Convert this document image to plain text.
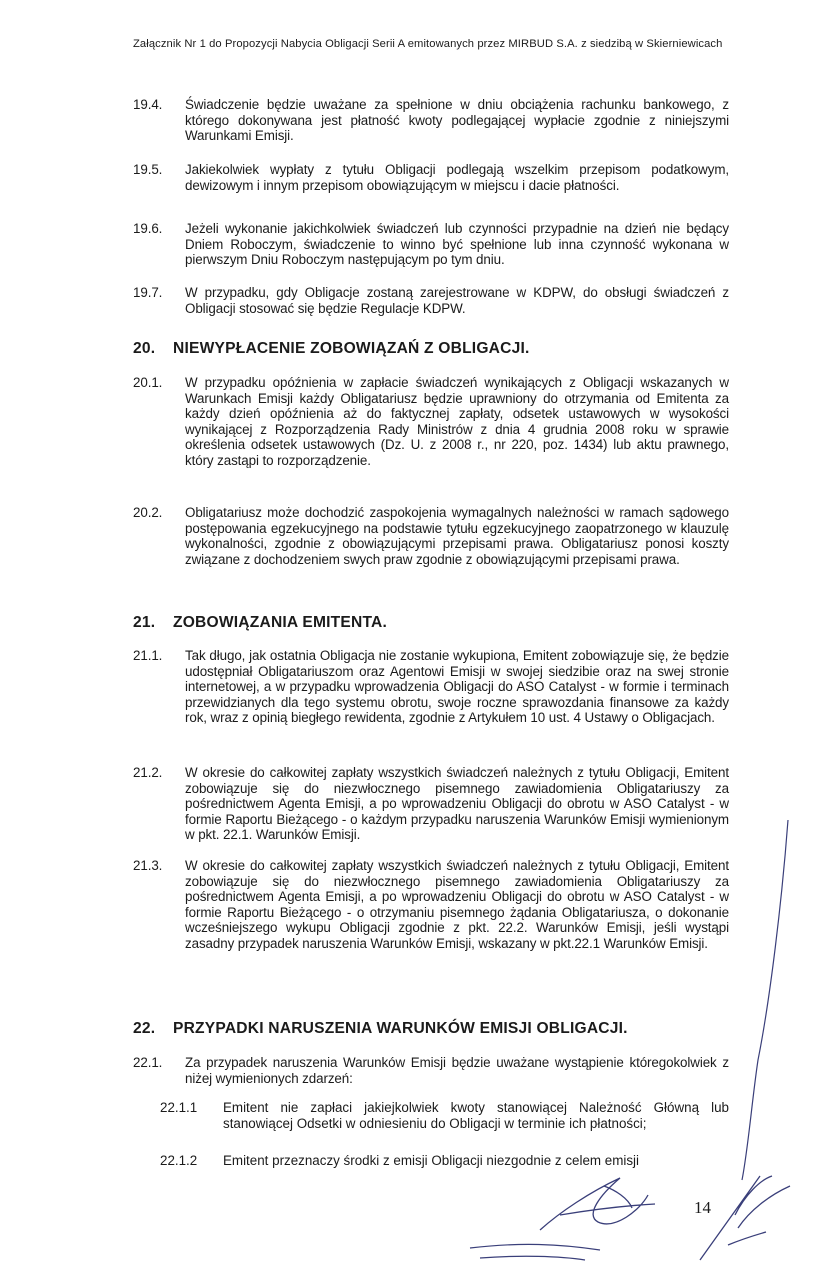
Załącznik Nr 1 do Propozycji Nabycia Obligacji Serii A emitowanych przez MIRBUD S.A. z siedzibą w Skierniewicach
19.4. Świadczenie będzie uważane za spełnione w dniu obciążenia rachunku bankowego, z którego dokonywana jest płatność kwoty podlegającej wypłacie zgodnie z niniejszymi Warunkami Emisji.
19.5. Jakiekolwiek wypłaty z tytułu Obligacji podlegają wszelkim przepisom podatkowym, dewizowym i innym przepisom obowiązującym w miejscu i dacie płatności.
19.6. Jeżeli wykonanie jakichkolwiek świadczeń lub czynności przypadnie na dzień nie będący Dniem Roboczym, świadczenie to winno być spełnione lub inna czynność wykonana w pierwszym Dniu Roboczym następującym po tym dniu.
19.7. W przypadku, gdy Obligacje zostaną zarejestrowane w KDPW, do obsługi świadczeń z Obligacji stosować się będzie Regulacje KDPW.
20. NIEWYPŁACENIE ZOBOWIĄZAŃ Z OBLIGACJI.
20.1. W przypadku opóźnienia w zapłacie świadczeń wynikających z Obligacji wskazanych w Warunkach Emisji każdy Obligatariusz będzie uprawniony do otrzymania od Emitenta za każdy dzień opóźnienia aż do faktycznej zapłaty, odsetek ustawowych w wysokości wynikającej z Rozporządzenia Rady Ministrów z dnia 4 grudnia 2008 roku w sprawie określenia odsetek ustawowych (Dz. U. z 2008 r., nr 220, poz. 1434) lub aktu prawnego, który zastąpi to rozporządzenie.
20.2. Obligatariusz może dochodzić zaspokojenia wymagalnych należności w ramach sądowego postępowania egzekucyjnego na podstawie tytułu egzekucyjnego zaopatrzonego w klauzulę wykonalności, zgodnie z obowiązującymi przepisami prawa. Obligatariusz ponosi koszty związane z dochodzeniem swych praw zgodnie z obowiązującymi przepisami prawa.
21. ZOBOWIĄZANIA EMITENTA.
21.1. Tak długo, jak ostatnia Obligacja nie zostanie wykupiona, Emitent zobowiązuje się, że będzie udostępniał Obligatariuszom oraz Agentowi Emisji w swojej siedzibie oraz na swej stronie internetowej, a w przypadku wprowadzenia Obligacji do ASO Catalyst - w formie i terminach przewidzianych dla tego systemu obrotu, swoje roczne sprawozdania finansowe za każdy rok, wraz z opinią biegłego rewidenta, zgodnie z Artykułem 10 ust. 4 Ustawy o Obligacjach.
21.2. W okresie do całkowitej zapłaty wszystkich świadczeń należnych z tytułu Obligacji, Emitent zobowiązuje się do niezwłocznego pisemnego zawiadomienia Obligatariuszy za pośrednictwem Agenta Emisji, a po wprowadzeniu Obligacji do obrotu w ASO Catalyst - w formie Raportu Bieżącego - o każdym przypadku naruszenia Warunków Emisji wymienionym w pkt. 22.1. Warunków Emisji.
21.3. W okresie do całkowitej zapłaty wszystkich świadczeń należnych z tytułu Obligacji, Emitent zobowiązuje się do niezwłocznego pisemnego zawiadomienia Obligatariuszy za pośrednictwem Agenta Emisji, a po wprowadzeniu Obligacji do obrotu w ASO Catalyst - w formie Raportu Bieżącego - o otrzymaniu pisemnego żądania Obligatariusza, o dokonanie wcześniejszego wykupu Obligacji zgodnie z pkt. 22.2. Warunków Emisji, jeśli wystąpi zasadny przypadek naruszenia Warunków Emisji, wskazany w pkt.22.1 Warunków Emisji.
22. PRZYPADKI NARUSZENIA WARUNKÓW EMISJI OBLIGACJI.
22.1. Za przypadek naruszenia Warunków Emisji będzie uważane wystąpienie któregokolwiek z niżej wymienionych zdarzeń:
22.1.1 Emitent nie zapłaci jakiejkolwiek kwoty stanowiącej Należność Główną lub stanowiącej Odsetki w odniesieniu do Obligacji w terminie ich płatności;
22.1.2 Emitent przeznaczy środki z emisji Obligacji niezgodnie z celem emisji
14
